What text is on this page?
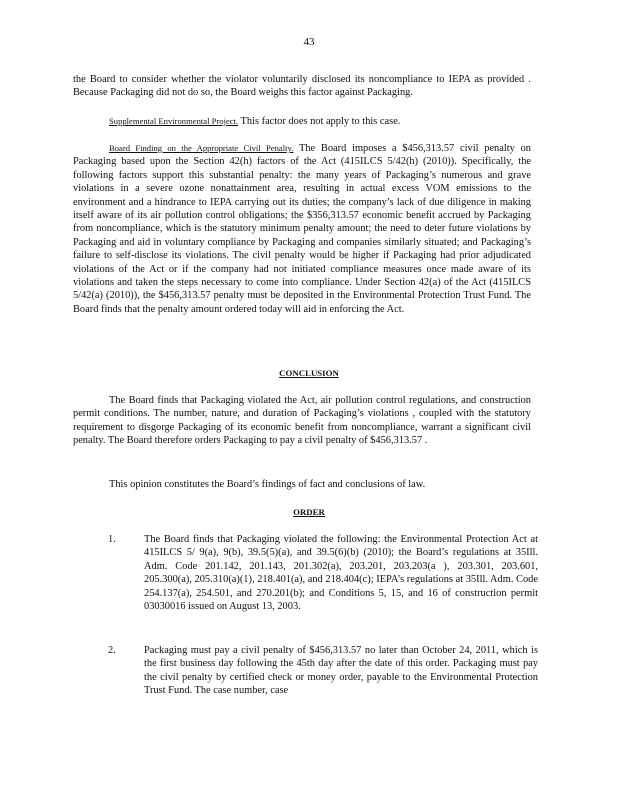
43
the Board to consider whether the violator voluntarily disclosed its noncompliance to IEPA as provided . Because Packaging did not do so, the Board weighs this factor against Packaging.
Supplemental Environmental Project. This factor does not apply to this case.
Board Finding on the Appropriate Civil Penalty. The Board imposes a $456,313.57 civil penalty on Packaging based upon the Section 42(h) factors of the Act (415ILCS 5/42(h) (2010)). Specifically, the following factors support this substantial penalty: the many years of Packaging’s numerous and grave violations in a severe ozone nonattainment area, resulting in actual excess VOM emissions to the environment and a hindrance to IEPA carrying out its duties; the company’s lack of due diligence in making itself aware of its air pollution control obligations; the $356,313.57 economic benefit accrued by Packaging from noncompliance, which is the statutory minimum penalty amount; the need to deter future violations by Packaging and aid in voluntary compliance by Packaging and companies similarly situated; and Packaging’s failure to self-disclose its violations. The civil penalty would be higher if Packaging had prior adjudicated violations of the Act or if the company had not initiated compliance measures once made aware of its violations and taken the steps necessary to come into compliance. Under Section 42(a) of the Act (415ILCS 5/42(a) (2010)), the $456,313.57 penalty must be deposited in the Environmental Protection Trust Fund. The Board finds that the penalty amount ordered today will aid in enforcing the Act.
CONCLUSION
The Board finds that Packaging violated the Act, air pollution control regulations, and construction permit conditions. The number, nature, and duration of Packaging’s violations , coupled with the statutory requirement to disgorge Packaging of its economic benefit from noncompliance, warrant a significant civil penalty. The Board therefore orders Packaging to pay a civil penalty of $456,313.57 .
This opinion constitutes the Board’s findings of fact and conclusions of law.
ORDER
1.	The Board finds that Packaging violated the following: the Environmental Protection Act at 415ILCS 5/ 9(a), 9(b), 39.5(5)(a), and 39.5(6)(b) (2010); the Board’s regulations at 35Ill. Adm. Code 201.142, 201.143, 201.302(a), 203.201, 203.203(a ), 203.301, 203.601, 205.300(a), 205.310(a)(1), 218.401(a), and 218.404(c); IEPA’s regulations at 35Ill. Adm. Code 254.137(a), 254.501, and 270.201(b); and Conditions 5, 15, and 16 of construction permit 03030016 issued on August 13, 2003.
2.	Packaging must pay a civil penalty of $456,313.57 no later than October 24, 2011, which is the first business day following the 45th day after the date of this order. Packaging must pay the civil penalty by certified check or money order, payable to the Environmental Protection Trust Fund. The case number, case
